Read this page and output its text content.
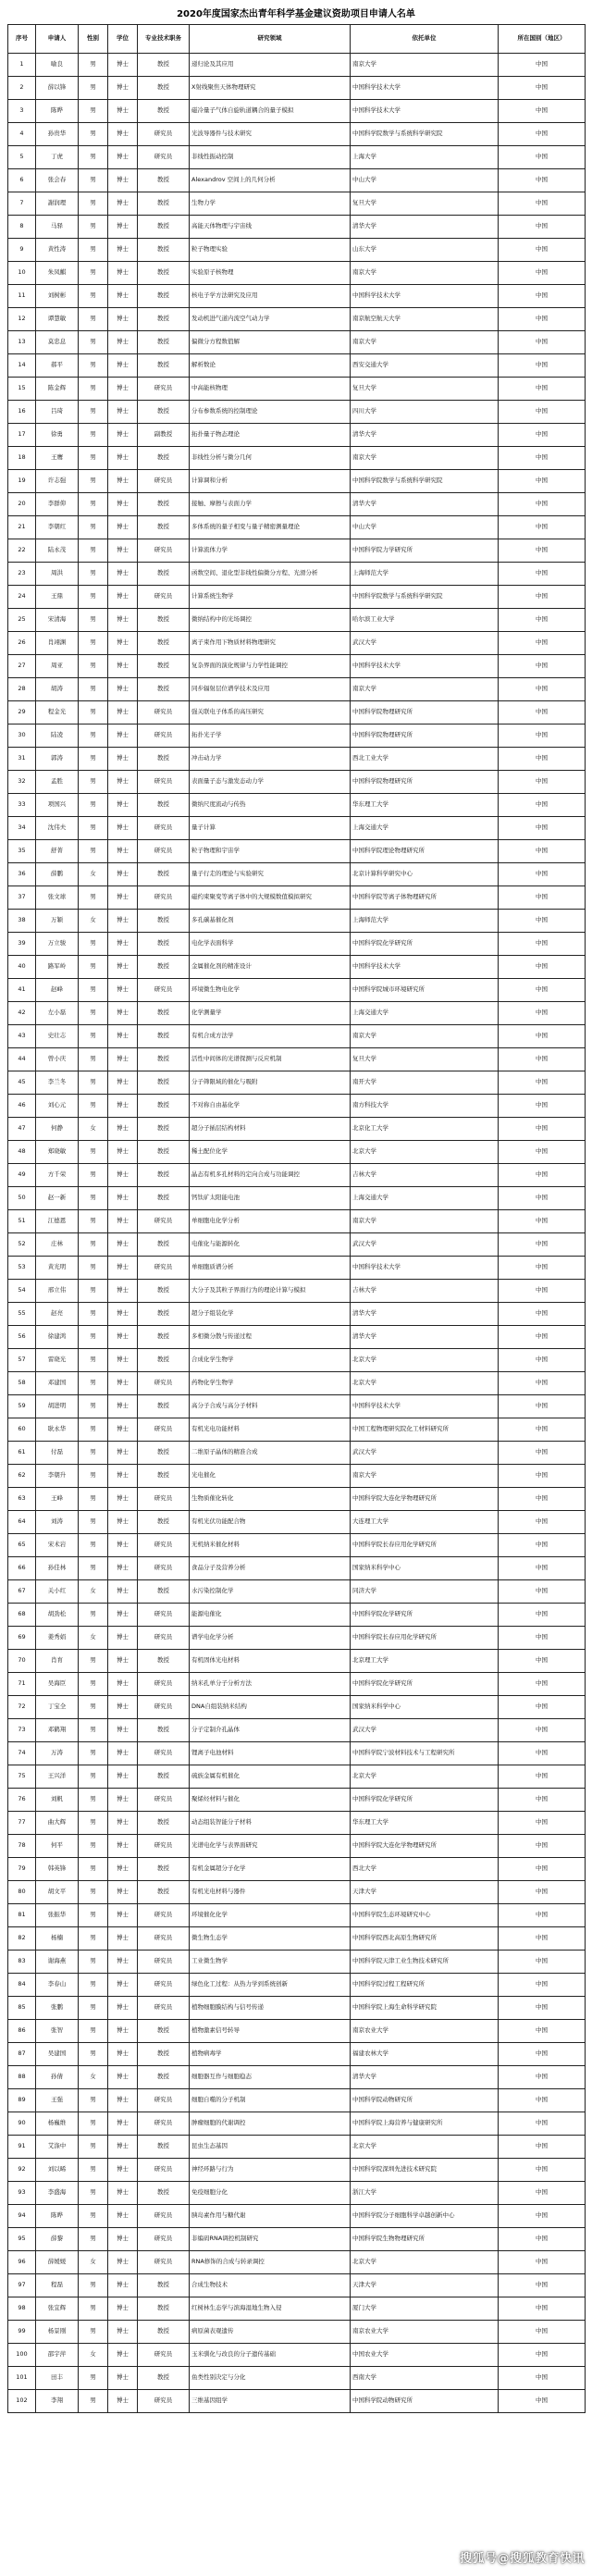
2020年度国家杰出青年科学基金建议资助项目申请人名单
序号	申请人	性别	学位	专业技术职务	研究领域	依托单位	所在国别（地区）
1	喻良	男	博士	教授	递归论及其应用	南京大学	中国
2	薛以锋	男	博士	教授	X射线聚焦天体物理研究	中国科学技术大学	中国
3	陈晔	男	博士	教授	磁冷量子气体自旋轨道耦合的量子模拟	中国科学技术大学	中国
4	孙贵华	男	博士	研究员	光波导器件与技术研究	中国科学院数学与系统科学研究院	中国
5	丁虎	男	博士	研究员	非线性振动控制	上海大学	中国
6	张会春	男	博士	教授	Alexandrov 空间上的几何分析	中山大学	中国
7	謝润理	男	博士	教授	生物力学	复旦大学	中国
8	马驿	男	博士	教授	高能天体物理与宇宙线	清华大学	中国
9	黄性涛	男	博士	教授	粒子物理实验	山东大学	中国
10	朱凤麒	男	博士	教授	实验原子核物理	南京大学	中国
11	刘树彬	男	博士	教授	核电子学方法研究及应用	中国科学技术大学	中国
12	谭慧敏	男	博士	教授	发动机进气道内流空气动力学	南京航空航天大学	中国
13	莫忠息	男	博士	教授	偏微分方程数值解	南京大学	中国
14	郝平	男	博士	教授	解析数论	西安交通大学	中国
15	陈金辉	男	博士	研究员	中高能核物理	复旦大学	中国
16	吕琦	男	博士	教授	分布参数系统的控制理论	四川大学	中国
17	徐勇	男	博士	副教授	拓扑量子物态理论	清华大学	中国
18	王鹰	男	博士	教授	非线性分析与微分几何	南京大学	中国
19	许志强	男	博士	研究员	计算调和分析	中国科学院数学与系统科学研究院	中国
20	李群仰	男	博士	教授	接触、摩擦与表面力学	清华大学	中国
21	李朝红	男	博士	教授	多体系统的量子相变与量子精密测量理论	中山大学	中国
22	陆永茂	男	博士	研究员	计算流体力学	中国科学院力学研究所	中国
23	周洪	男	博士	教授	函数空间、退化型非线性偏微分方程、光滑分析	上海师范大学	中国
24	王鼎	男	博士	研究员	计算系统生物学	中国科学院数学与系统科学研究院	中国
25	宋清海	男	博士	教授	微纳结构中的光场调控	哈尔滨工业大学	中国
26	肖翊渊	男	博士	教授	离子束作用下物质材料物理研究	武汉大学	中国
27	周亚	男	博士	教授	复杂界面的演化规律与力学性能调控	中国科学技术大学	中国
28	胡涛	男	博士	教授	同步辐射层位谱学技术及应用	南京大学	中国
29	程金光	男	博士	研究员	强关联电子体系的高压研究	中国科学院物理研究所	中国
30	陆凌	男	博士	研究员	拓扑光子学	中国科学院物理研究所	中国
31	郭涛	男	博士	教授	冲击动力学	西北工业大学	中国
32	孟胜	男	博士	研究员	表面量子态与激发态动力学	中国科学院物理研究所	中国
33	项国兴	男	博士	教授	微纳尺度流动与传热	华东理工大学	中国
34	沈伟夫	男	博士	研究员	量子计算	上海交通大学	中国
35	舒菁	男	博士	研究员	粒子物理和宇宙学	中国科学院理论物理研究所	中国
36	薛鹏	女	博士	教授	量子行走的理论与实验研究	北京计算科学研究中心	中国
37	张文球	男	博士	研究员	磁约束聚变等离子体中的大规模数值模拟研究	中国科学院等离子体物理研究所	中国
38	万颖	女	博士	教授	多孔碳基催化剂	上海师范大学	中国
39	万立骏	男	博士	教授	电化学表面科学	中国科学院化学研究所	中国
40	路军岭	男	博士	教授	金属催化剂的精准设计	中国科学技术大学	中国
41	赵峰	男	博士	研究员	环境微生物电化学	中国科学院城市环境研究所	中国
42	左小磊	男	博士	教授	化学测量学	上海交通大学	中国
43	史壮志	男	博士	教授	有机合成方法学	南京大学	中国
44	曾小庆	男	博士	教授	活性中间体的光谱探测与反应机制	复旦大学	中国
45	李兰冬	男	博士	教授	分子筛限域的催化与吸附	南开大学	中国
46	刘心元	男	博士	教授	不对称自由基化学	南方科技大学	中国
47	何静	女	博士	教授	超分子插层结构材料	北京化工大学	中国
48	郑晓敏	男	博士	教授	稀土配位化学	北京大学	中国
49	方千荣	男	博士	教授	晶态有机多孔材料的定向合成与功能调控	吉林大学	中国
50	赵一新	男	博士	教授	钙钛矿太阳能电池	上海交通大学	中国
51	江德恩	男	博士	研究员	单细胞电化学分析	南京大学	中国
52	庄林	男	博士	教授	电催化与能源转化	武汉大学	中国
53	黄光明	男	博士	研究员	单细胞质谱分析	中国科学技术大学	中国
54	邢立伟	男	博士	教授	大分子及其粒子界面行为的理论计算与模拟	吉林大学	中国
55	赵亮	男	博士	教授	超分子组装化学	清华大学	中国
56	徐建鸿	男	博士	教授	多相微分散与传递过程	清华大学	中国
57	雷晓光	男	博士	教授	合成化学生物学	北京大学	中国
58	邓建国	男	博士	研究员	药物化学生物学	北京大学	中国
59	胡进明	男	博士	教授	高分子合成与高分子材料	中国科学技术大学	中国
60	耿永华	男	博士	研究员	有机光电功能材料	中国工程物理研究院化工材料研究所	中国
61	付磊	男	博士	教授	二维原子晶体的精准合成	武汉大学	中国
62	李朝升	男	博士	教授	光电催化	南京大学	中国
63	王峰	男	博士	研究员	生物质催化转化	中国科学院大连化学物理研究所	中国
64	刘涛	男	博士	教授	有机光伏功能配合物	大连理工大学	中国
65	宋术岩	男	博士	研究员	无机纳米催化材料	中国科学院长春应用化学研究所	中国
66	孙佳林	男	博士	研究员	食品分子及营养分析	国家纳米科学中心	中国
67	关小红	女	博士	教授	水污染控制化学	同济大学	中国
68	胡劲松	男	博士	研究员	能源电催化	中国科学院化学研究所	中国
69	姜秀娟	女	博士	研究员	谱学电化学分析	中国科学院长春应用化学研究所	中国
70	肖育	男	博士	教授	有机固体光电材料	北京理工大学	中国
71	吴海臣	男	博士	研究员	纳米孔单分子分析方法	中国科学院化学研究所	中国
72	丁宝全	男	博士	研究员	DNA自组装纳米结构	国家纳米科学中心	中国
73	邓鹤翔	男	博士	教授	分子定制介孔晶体	武汉大学	中国
74	万涛	男	博士	研究员	锂离子电池材料	中国科学院宁波材料技术与工程研究所	中国
75	王兴洋	男	博士	教授	硫族金属有机催化	北京大学	中国
76	刘帆	男	博士	研究员	聚烯烃材料与催化	中国科学院化学研究所	中国
77	曲大辉	男	博士	教授	动态组装智能分子材料	华东理工大学	中国
78	何平	男	博士	研究员	光谱电化学与表界面研究	中国科学院大连化学物理研究所	中国
79	韩英锋	男	博士	教授	有机金属超分子化学	西北大学	中国
80	胡文平	男	博士	教授	有机光电材料与器件	天津大学	中国
81	张振华	男	博士	研究员	环境催化化学	中国科学院生态环境研究中心	中国
82	杨楠	男	博士	研究员	微生物生态学	中国科学院西北高原生物研究所	中国
83	谢海燕	男	博士	研究员	工业微生物学	中国科学院天津工业生物技术研究所	中国
84	李春山	男	博士	研究员	绿色化工过程：从热力学到系统创新	中国科学院过程工程研究所	中国
85	张鹏	男	博士	研究员	植物细胞膜结构与信号传递	中国科学院上海生命科学研究院	中国
86	张智	男	博士	教授	植物激素信号转导	南京农业大学	中国
87	吴建国	男	博士	教授	植物病毒学	福建农林大学	中国
88	孙倩	女	博士	教授	细胞器互作与细胞稳态	清华大学	中国
89	王强	男	博士	研究员	细胞自噬的分子机制	中国科学院动物研究所	中国
90	杨巍维	男	博士	研究员	肿瘤细胞的代谢调控	中国科学院上海营养与健康研究所	中国
91	艾涤中	男	博士	教授	昆虫生态基因	北京大学	中国
92	刘以晞	男	博士	研究员	神经环路与行为	中国科学院深圳先进技术研究院	中国
93	李盛海	男	博士	教授	免疫细胞分化	浙江大学	中国
94	陈晔	男	博士	研究员	胰岛素作用与糖代谢	中国科学院分子细胞科学卓越创新中心	中国
95	薛黎	男	博士	研究员	非编码RNA调控机制研究	中国科学院生物物理研究所	中国
96	薛媛媛	女	博士	研究员	RNA修饰的合成与转录调控	北京大学	中国
97	程磊	男	博士	教授	合成生物技术	天津大学	中国
98	张宜辉	男	博士	教授	红树林生态学与滨海湿地生物入侵	厦门大学	中国
99	杨景刚	男	博士	教授	病原菌表观遗传	南京农业大学	中国
100	邵宇萍	女	博士	研究员	玉米驯化与改良的分子遗传基础	中国农业大学	中国
101	田丰	男	博士	教授	鱼类性别决定与分化	西南大学	中国
102	李翔	男	博士	研究员	三维基因组学	中国科学院动物研究所	中国
搜狐号@搜狐教育快讯
